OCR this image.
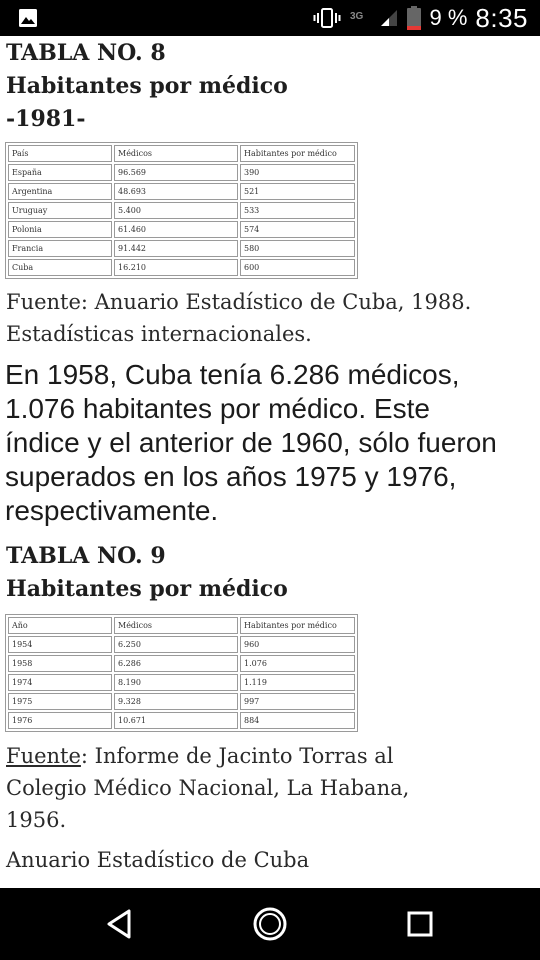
3G	9 % 8:35
TABLA NO. 8
Habitantes por médico
-1981-
País	Médicos	Habitantes por médico
España	96.569	390
Argentina	48.693	521
Uruguay	5.400	533
Polonia	61.460	574
Francia	91.442	580
Cuba	16.210	600
Fuente: Anuario Estadístico de Cuba, 1988. Estadísticas internacionales.
En 1958, Cuba tenía 6.286 médicos, 1.076 habitantes por médico. Este índice y el anterior de 1960, sólo fueron superados en los años 1975 y 1976, respectivamente.
TABLA NO. 9
Habitantes por médico
Año	Médicos	Habitantes por médico
1954	6.250	960
1958	6.286	1.076
1974	8.190	1.119
1975	9.328	997
1976	10.671	884
Fuente: Informe de Jacinto Torras al Colegio Médico Nacional, La Habana, 1956.
Anuario Estadístico de Cuba
